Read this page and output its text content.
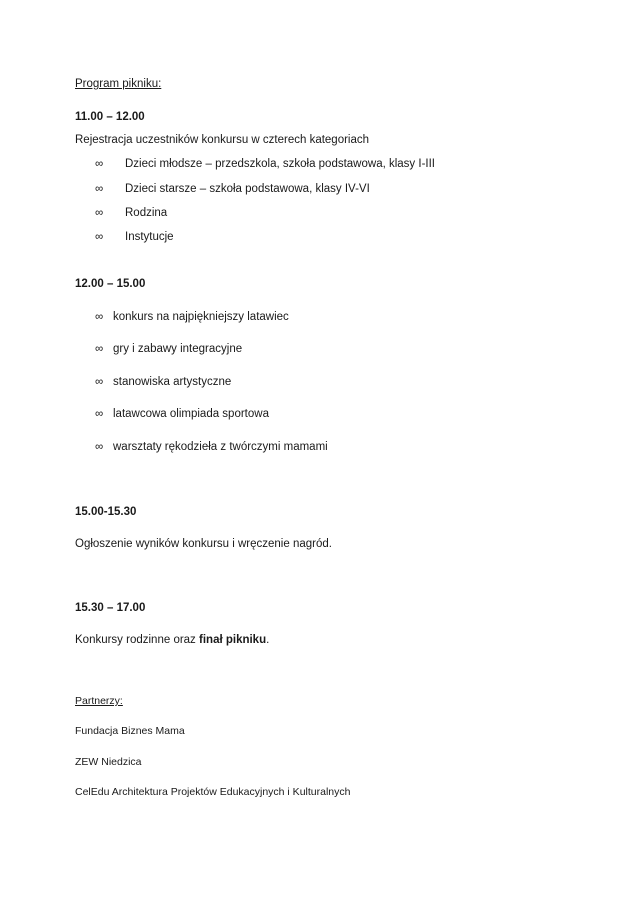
Program pikniku:
11.00 – 12.00
Rejestracja uczestników konkursu w czterech kategoriach
∞ Dzieci młodsze – przedszkola, szkoła podstawowa, klasy I-III
∞ Dzieci starsze – szkoła podstawowa, klasy IV-VI
∞ Rodzina
∞ Instytucje
12.00 – 15.00
∞ konkurs na najpiękniejszy latawiec
∞ gry i zabawy integracyjne
∞ stanowiska artystyczne
∞ latawcowa olimpiada sportowa
∞ warsztaty rękodzieła z twórczymi mamami
15.00-15.30
Ogłoszenie wyników konkursu i wręczenie nagród.
15.30 – 17.00
Konkursy rodzinne oraz finał pikniku.
Partnerzy:
Fundacja Biznes Mama
ZEW Niedzica
CelEdu Architektura Projektów Edukacyjnych i Kulturalnych
